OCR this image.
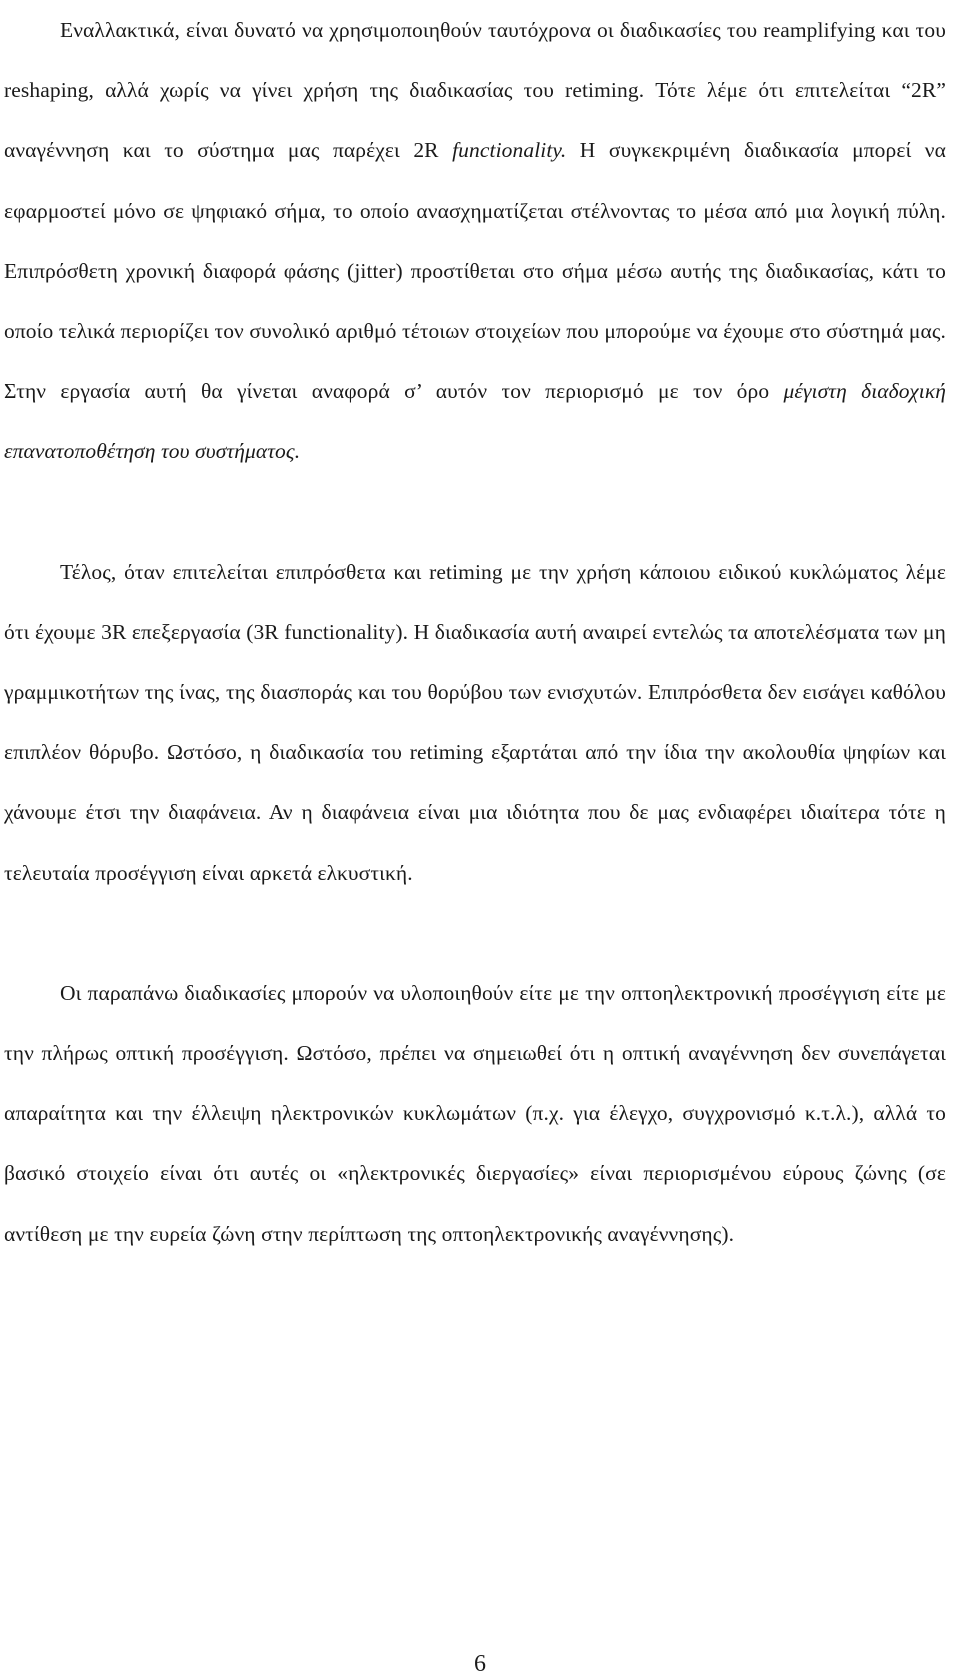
Εναλλακτικά, είναι δυνατό να χρησιμοποιηθούν ταυτόχρονα οι διαδικασίες του reamplifying και του reshaping, αλλά χωρίς να γίνει χρήση της διαδικασίας του retiming. Τότε λέμε ότι επιτελείται “2R” αναγέννηση και το σύστημα μας παρέχει 2R functionality. Η συγκεκριμένη διαδικασία μπορεί να εφαρμοστεί μόνο σε ψηφιακό σήμα, το οποίο ανασχηματίζεται στέλνοντας το μέσα από μια λογική πύλη. Επιπρόσθετη χρονική διαφορά φάσης (jitter) προστίθεται στο σήμα μέσω αυτής της διαδικασίας, κάτι το οποίο τελικά περιορίζει τον συνολικό αριθμό τέτοιων στοιχείων που μπορούμε να έχουμε στο σύστημά μας. Στην εργασία αυτή θα γίνεται αναφορά σ’ αυτόν τον περιορισμό με τον όρο μέγιστη διαδοχική επανατοποθέτηση του συστήματος.

Τέλος, όταν επιτελείται επιπρόσθετα και retiming με την χρήση κάποιου ειδικού κυκλώματος λέμε ότι έχουμε 3R επεξεργασία (3R functionality). Η διαδικασία αυτή αναιρεί εντελώς τα αποτελέσματα των μη γραμμικοτήτων της ίνας, της διασποράς και του θορύβου των ενισχυτών. Επιπρόσθετα δεν εισάγει καθόλου επιπλέον θόρυβο. Ωστόσο, η διαδικασία του retiming εξαρτάται από την ίδια την ακολουθία ψηφίων και χάνουμε έτσι την διαφάνεια. Αν η διαφάνεια είναι μια ιδιότητα που δε μας ενδιαφέρει ιδιαίτερα τότε η τελευταία προσέγγιση είναι αρκετά ελκυστική.

Οι παραπάνω διαδικασίες μπορούν να υλοποιηθούν είτε με την οπτοηλεκτρονική προσέγγιση είτε με την πλήρως οπτική προσέγγιση. Ωστόσο, πρέπει να σημειωθεί ότι η οπτική αναγέννηση δεν συνεπάγεται απαραίτητα και την έλλειψη ηλεκτρονικών κυκλωμάτων (π.χ. για έλεγχο, συγχρονισμό κ.τ.λ.), αλλά το βασικό στοιχείο είναι ότι αυτές οι «ηλεκτρονικές διεργασίες» είναι περιορισμένου εύρους ζώνης (σε αντίθεση με την ευρεία ζώνη στην περίπτωση της οπτοηλεκτρονικής αναγέννησης).

6
